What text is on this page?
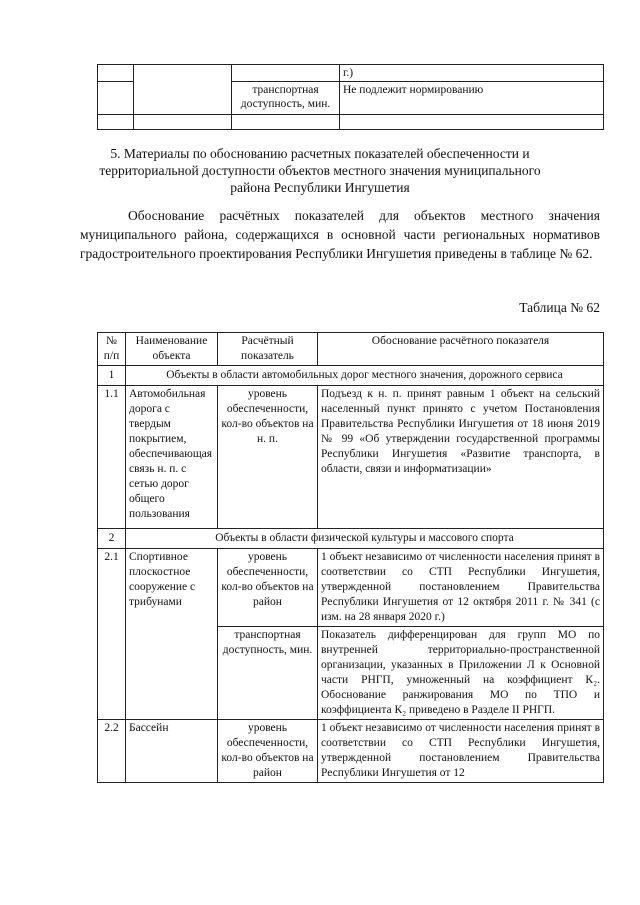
			г.)
		транспортная доступность, мин.	Не подлежит нормированию

5. Материалы по обоснованию расчетных показателей обеспеченности и территориальной доступности объектов местного значения муниципального района Республики Ингушетия
Обоснование расчётных показателей для объектов местного значения муниципального района, содержащихся в основной части региональных нормативов градостроительного проектирования Республики Ингушетия приведены в таблице № 62.
Таблица № 62
№ п/п	Наименование объекта	Расчётный показатель	Обоснование расчётного показателя
1	Объекты в области автомобильных дорог местного значения, дорожного сервиса		
1.1	Автомобильная дорога с твердым покрытием, обеспечивающая связь н. п. с сетью дорог общего пользования	уровень обеспеченности, кол-во объектов на н. п.	Подъезд к н. п. принят равным 1 объект на сельский населенный пункт принято с учетом Постановления Правительства Республики Ингушетия от 18 июня 2019 № 99 «Об утверждении государственной программы Республики Ингушетия «Развитие транспорта, в области, связи и информатизации»
2	Объекты в области физической культуры и массового спорта		
2.1	Спортивное плоскостное сооружение с трибунами	уровень обеспеченности, кол-во объектов на район	1 объект независимо от численности населения принят в соответствии со СТП Республики Ингушетия, утвержденной постановлением Правительства Республики Ингушетия от 12 октября 2011 г. № 341 (с изм. на 28 января 2020 г.)
		транспортная доступность, мин.	Показатель дифференцирован для групп МО по внутренней территориально-пространственной организации, указанных в Приложении Л к Основной части РНГП, умноженный на коэффициент К₂. Обоснование ранжирования МО по ТПО и коэффициента К₂ приведено в Разделе II РНГП.
2.2	Бассейн	уровень обеспеченности, кол-во объектов на район	1 объект независимо от численности населения принят в соответствии со СТП Республики Ингушетия, утвержденной постановлением Правительства Республики Ингушетия от 12
